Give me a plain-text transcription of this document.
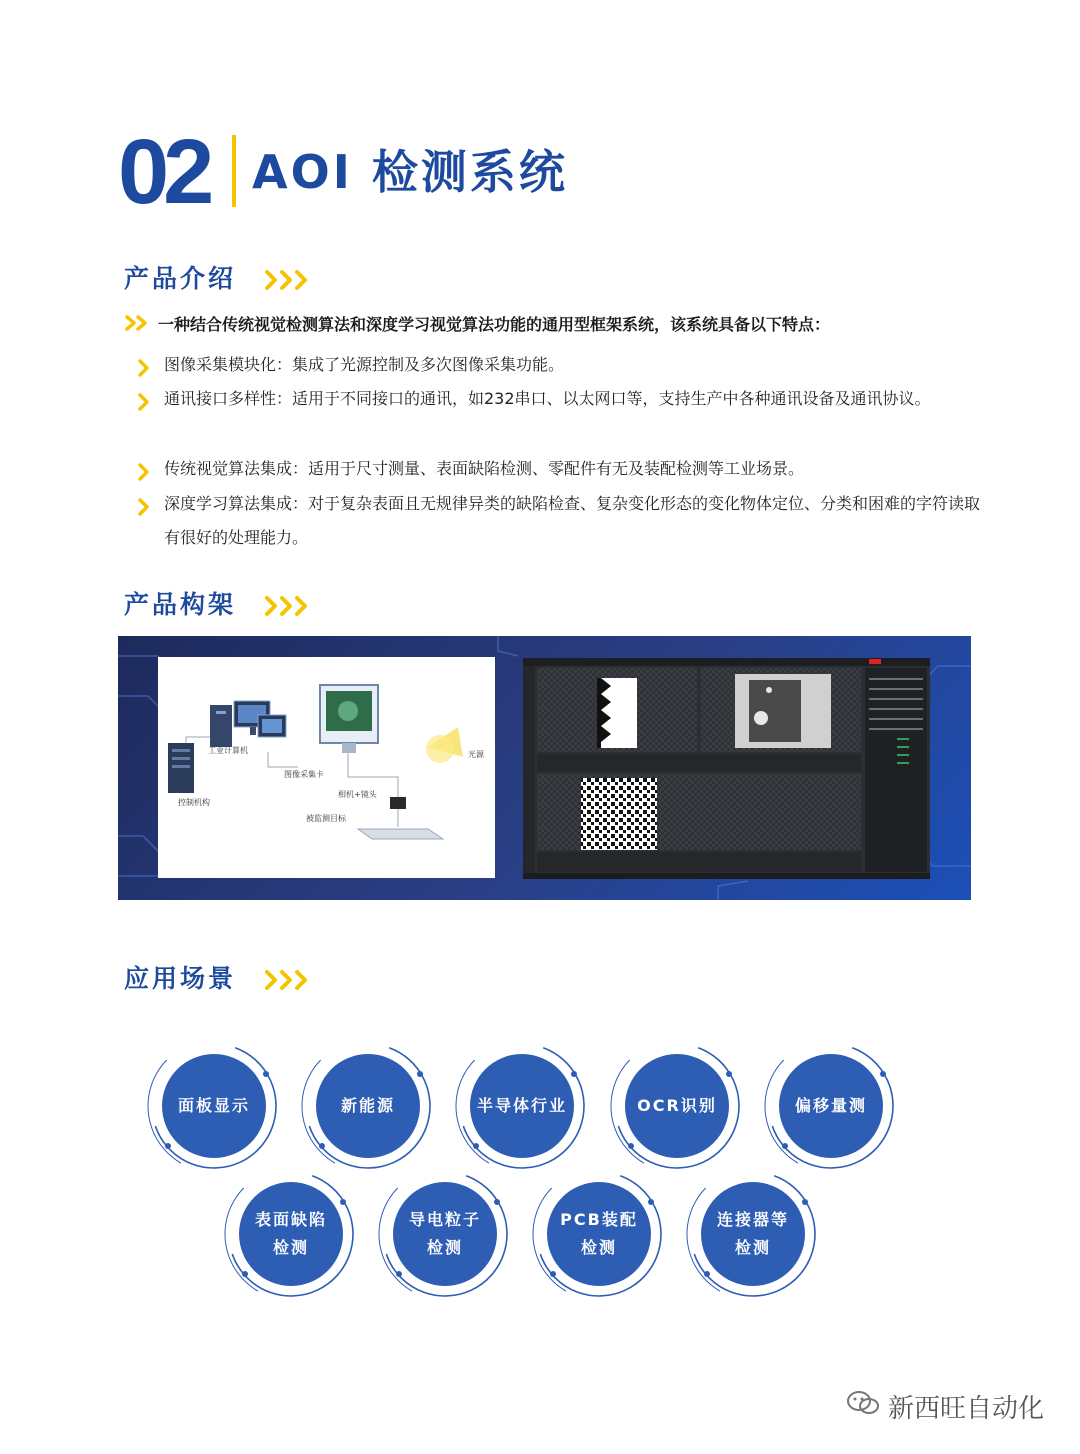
02 AOI 检测系统
产品介绍
一种结合传统视觉检测算法和深度学习视觉算法功能的通用型框架系统，该系统具备以下特点：
图像采集模块化：集成了光源控制及多次图像采集功能。
通讯接口多样性：适用于不同接口的通讯，如232串口、以太网口等，支持生产中各种通讯设备及通讯协议。
传统视觉算法集成：适用于尺寸测量、表面缺陷检测、零配件有无及装配检测等工业场景。
深度学习算法集成：对于复杂表面且无规律异类的缺陷检查、复杂变化形态的变化物体定位、分类和困难的字符读取有很好的处理能力。
产品构架
工业计算机
控制机构
图像采集卡
相机+镜头
光源
被监测目标
应用场景
面板显示	新能源	半导体行业	OCR识别	偏移量测
表面缺陷
检测
导电粒子
检测
PCB装配
检测
连接器等
检测
新西旺自动化
